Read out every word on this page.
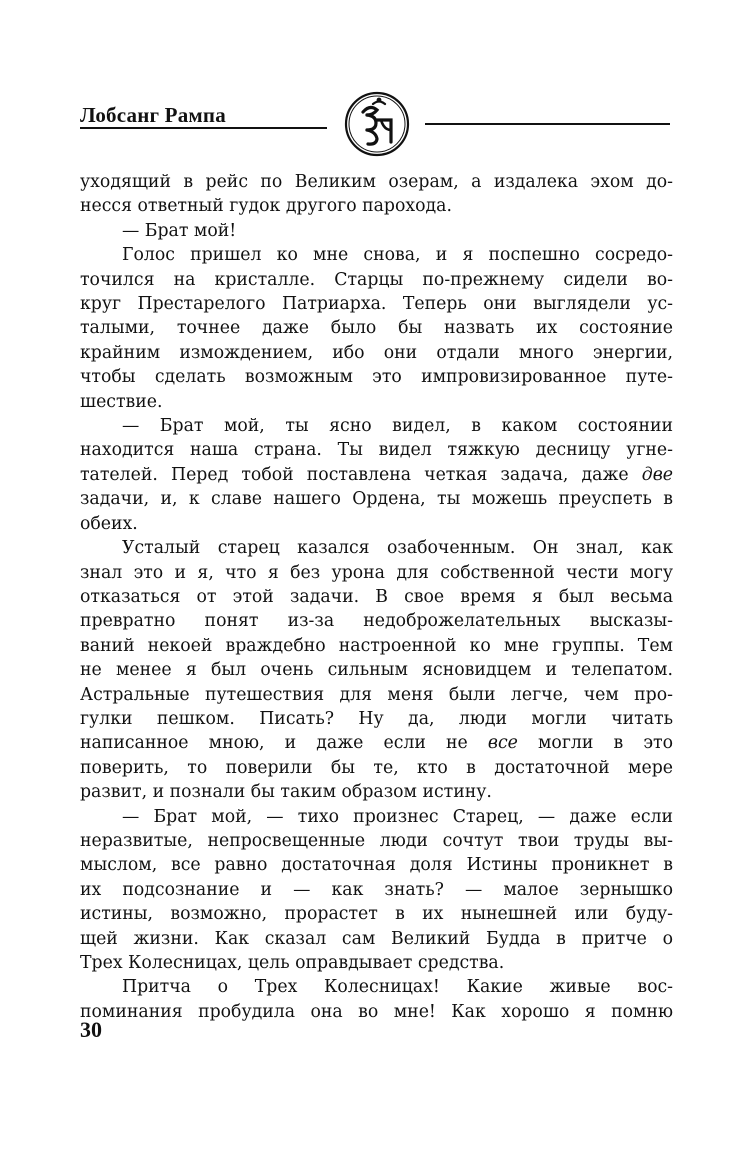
Лобсанг Рампа

уходящий в рейс по Великим озерам, а издалека эхом до-

несся ответный гудок другого парохода.

— Брат мой!

Голос пришел ко мне снова, и я поспешно сосредо-

точился на кристалле. Старцы по-прежнему сидели во-

круг Престарелого Патриарха. Теперь они выглядели ус-

талыми, точнее даже было бы назвать их состояние

крайним измождением, ибо они отдали много энергии,

чтобы сделать возможным это импровизированное путе-

шествие.

— Брат мой, ты ясно видел, в каком состоянии

находится наша страна. Ты видел тяжкую десницу угне-

тателей. Перед тобой поставлена четкая задача, даже две

задачи, и, к славе нашего Ордена, ты можешь преуспеть в

обеих.

Усталый старец казался озабоченным. Он знал, как

знал это и я, что я без урона для собственной чести могу

отказаться от этой задачи. В свое время я был весьма

превратно понят из-за недоброжелательных высказы-

ваний некоей враждебно настроенной ко мне группы. Тем

не менее я был очень сильным ясновидцем и телепатом.

Астральные путешествия для меня были легче, чем про-

гулки пешком. Писать? Ну да, люди могли читать

написанное мною, и даже если не все могли в это

поверить, то поверили бы те, кто в достаточной мере

развит, и познали бы таким образом истину.

— Брат мой, — тихо произнес Старец, — даже если

неразвитые, непросвещенные люди сочтут твои труды вы-

мыслом, все равно достаточная доля Истины проникнет в

их подсознание и — как знать? — малое зернышко

истины, возможно, прорастет в их нынешней или буду-

щей жизни. Как сказал сам Великий Будда в притче о

Трех Колесницах, цель оправдывает средства.

Притча о Трех Колесницах! Какие живые вос-

поминания пробудила она во мне! Как хорошо я помню

30
